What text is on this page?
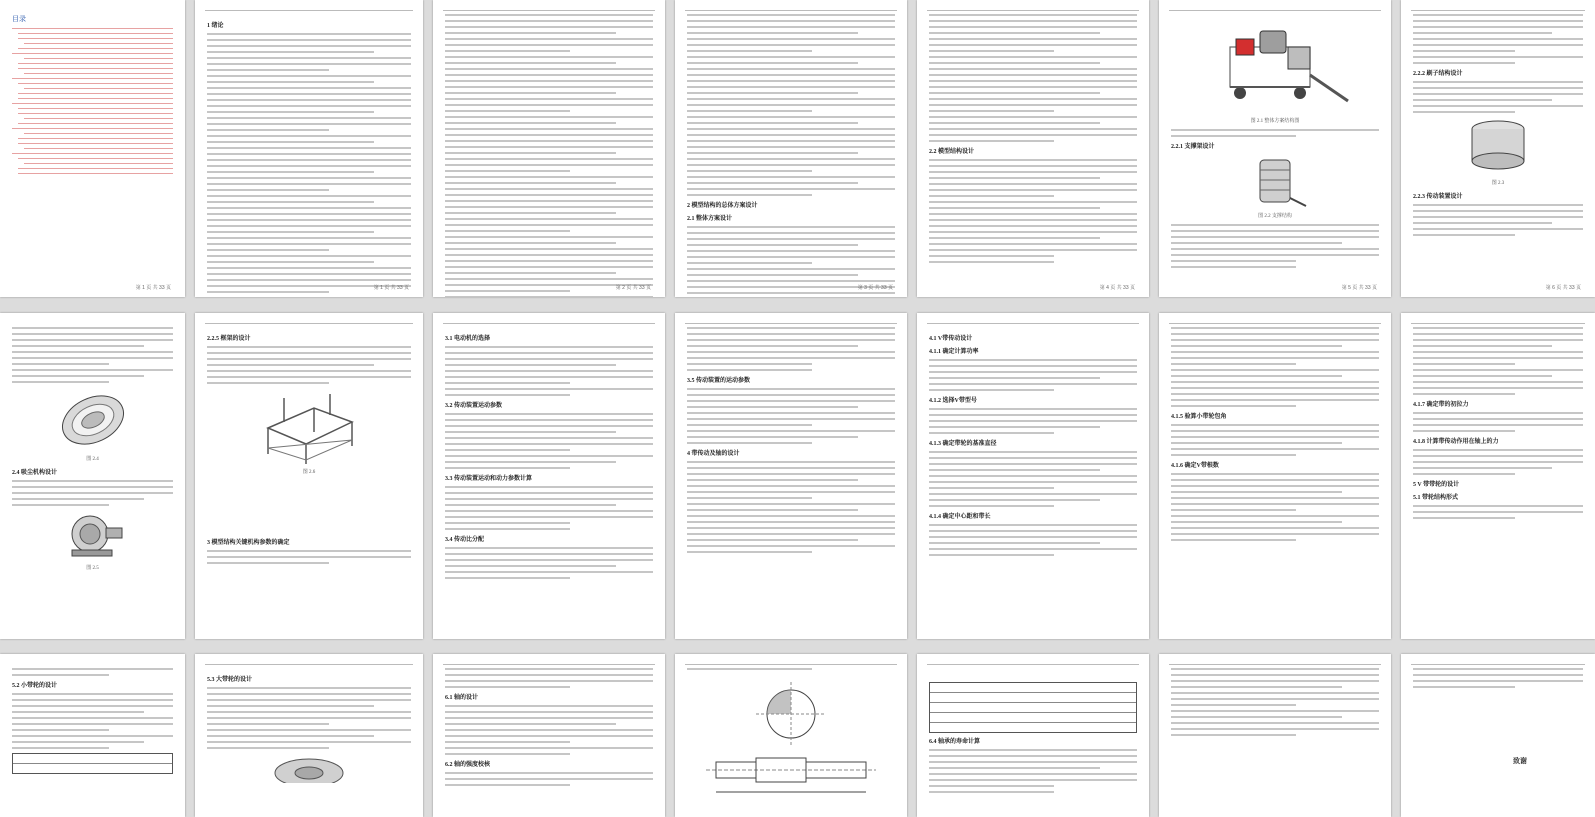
目录
第 1 页 共 33 页
1 绪论
第 1 页 共 33 页	第 2 页 共 33 页
2 模型结构的总体方案设计
2.1 整体方案设计
第 3 页 共 33 页
2.2 模型结构设计
第 4 页 共 33 页
图 2.1 整体方案结构图
2.2.1 支撑架设计
图 2.2 支撑结构
第 5 页 共 33 页
2.2.2 刷子结构设计
图 2.3
2.2.3 传动装置设计
第 6 页 共 33 页
图 2.4
2.4 吸尘机构设计
图 2.5
2.2.5 框架的设计
图 2.6
3 模型结构关键机构参数的确定
3.1 电动机的选择
3.2 传动装置运动参数
3.3 传动装置运动和动力参数计算
3.4 传动比分配
3.5 传动装置的运动参数
4 带传动及轴的设计
4.1 V带传动设计
4.1.1 确定计算功率
4.1.2 选择V带型号
4.1.3 确定带轮的基准直径
4.1.4 确定中心距和带长
4.1.5 验算小带轮包角
4.1.6 确定V带根数
4.1.7 确定带的初拉力
4.1.8 计算带传动作用在轴上的力
5 V 带带轮的设计
5.1 带轮结构形式
5.2 小带轮的设计
5.3 大带轮的设计
6.1 轴的设计
6.2 轴的强度校核
6.4 轴承的寿命计算
致谢
